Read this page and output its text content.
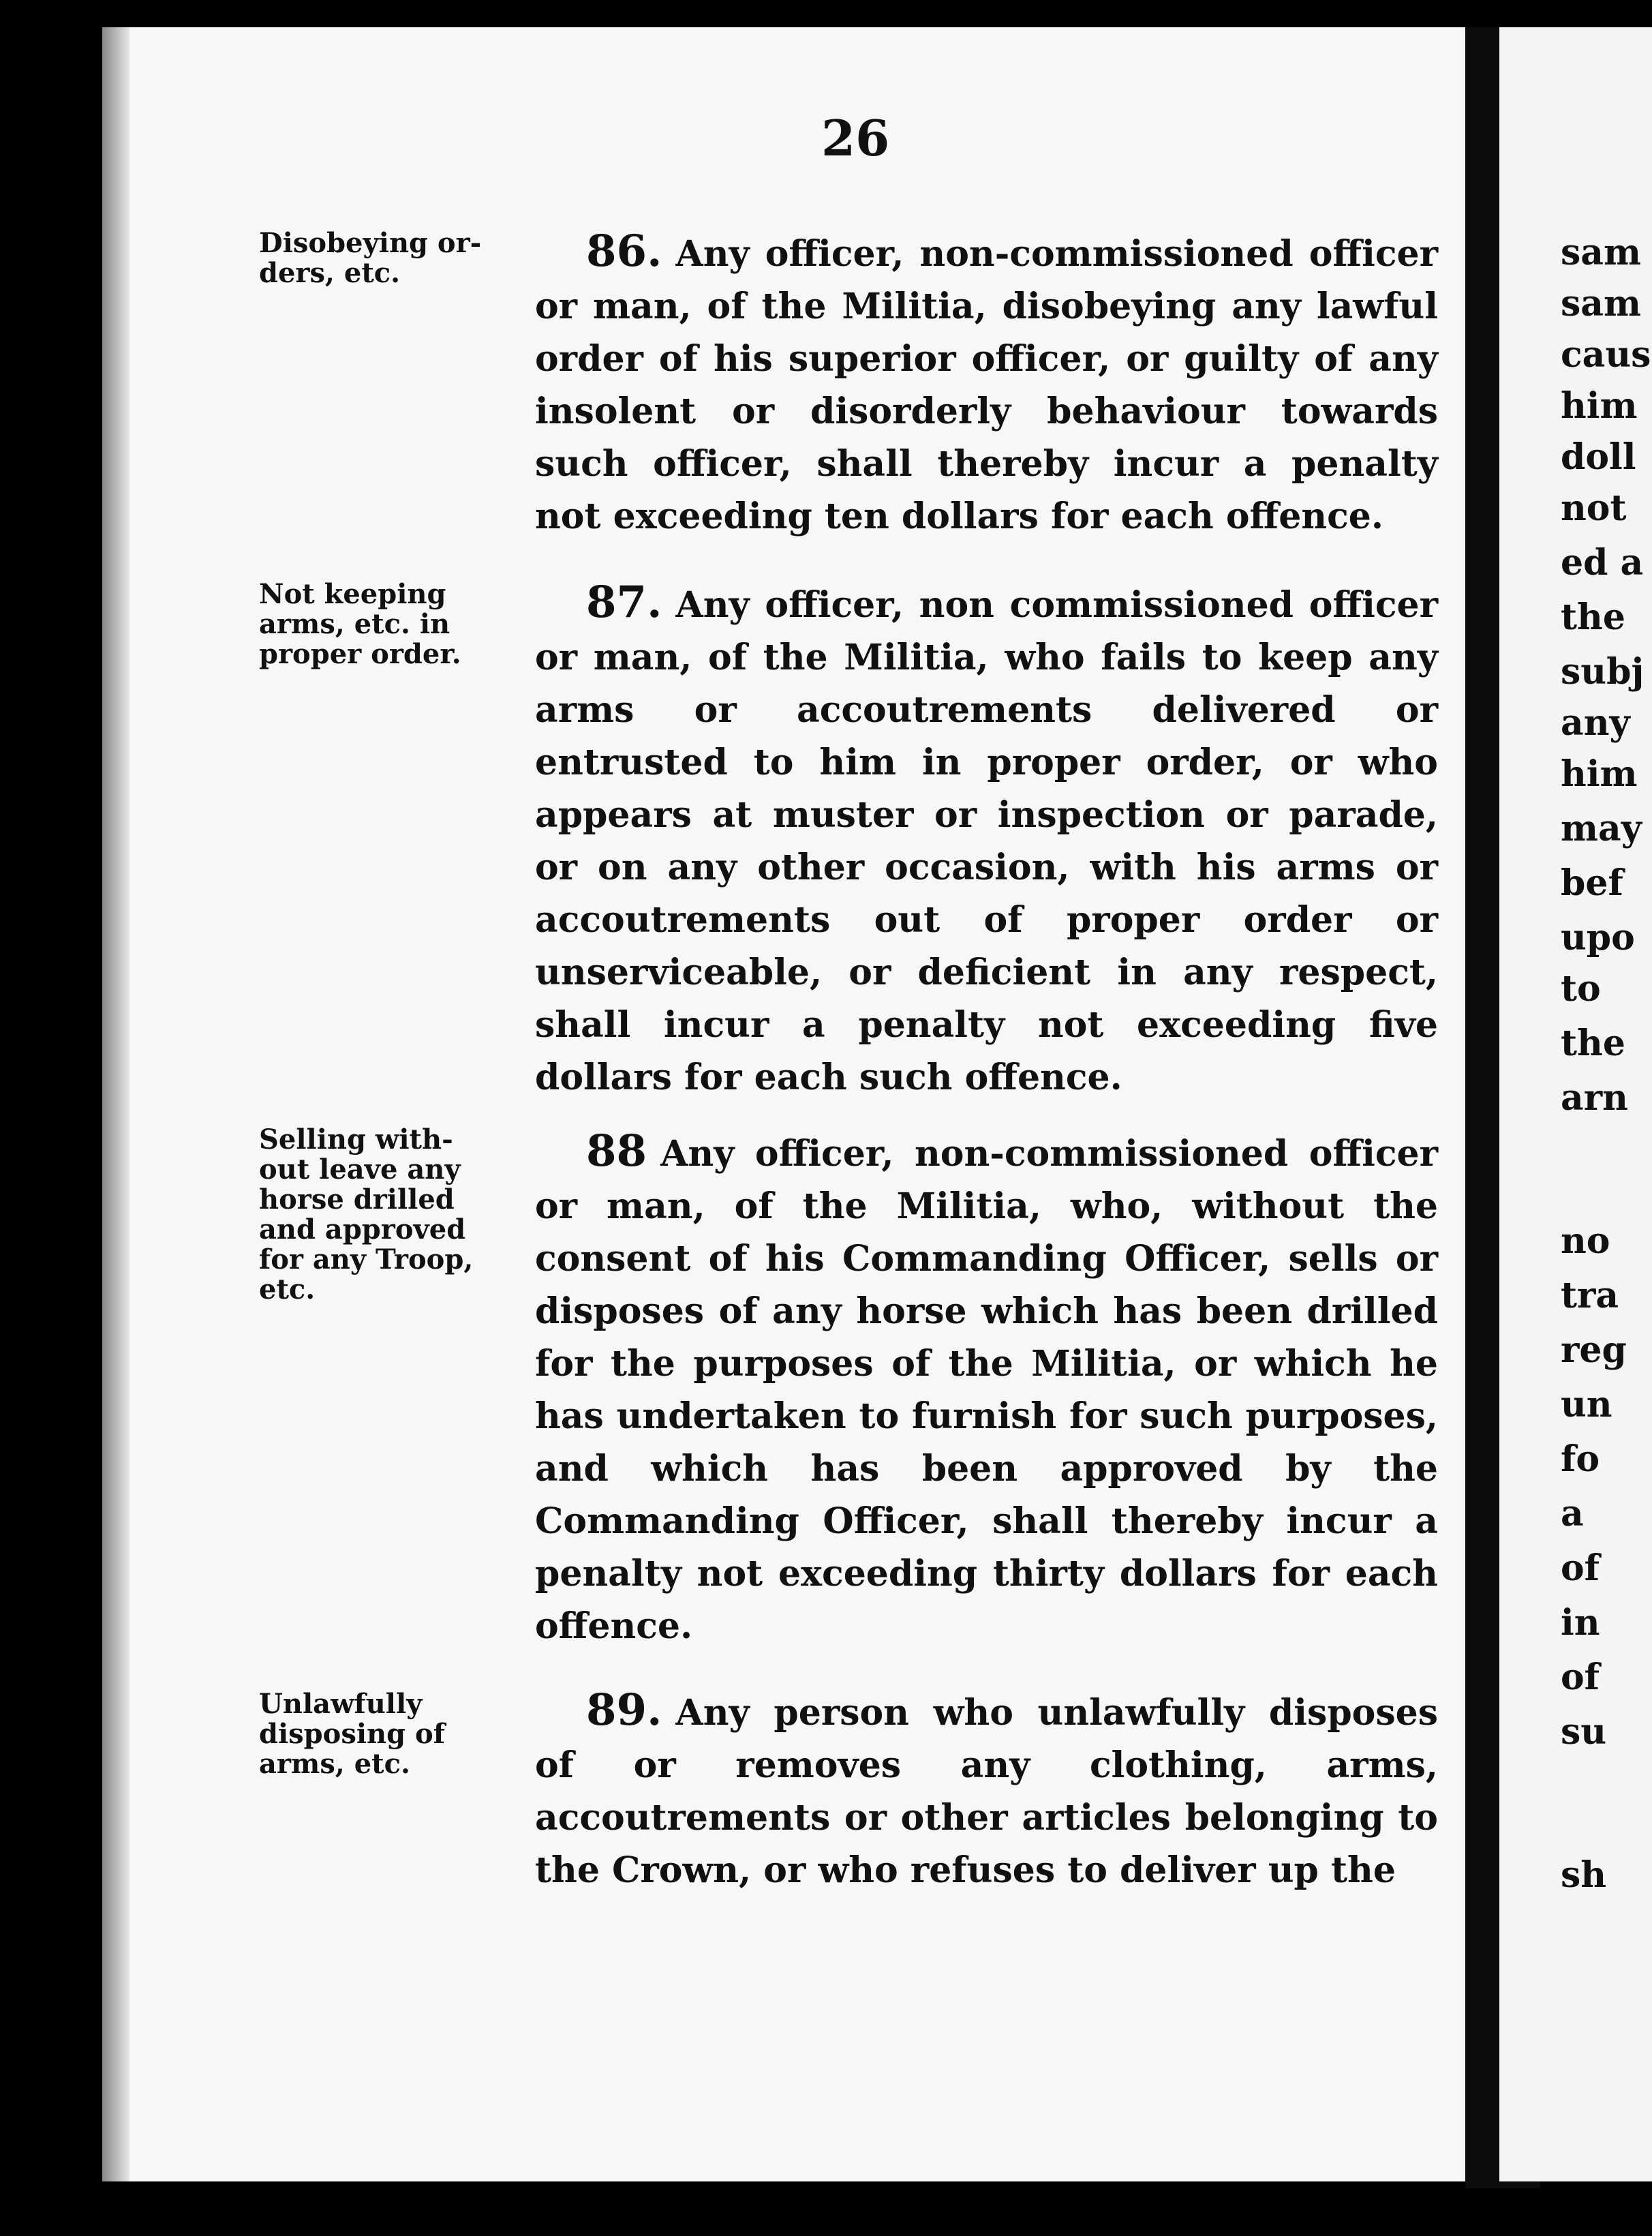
26
Disobeying or-
ders, etc.
Not keeping
arms, etc. in
proper order.
Selling with-
out leave any
horse drilled
and approved
for any Troop,
etc.
Unlawfully
disposing of
arms, etc.
86. Any officer, non-commissioned officer or man, of the Militia, disobeying any lawful order of his superior officer, or guilty of any insolent or disorderly behaviour towards such officer, shall thereby incur a penalty not exceeding ten dollars for each offence.
87. Any officer, non commissioned officer or man, of the Militia, who fails to keep any arms or accoutrements delivered or entrusted to him in proper order, or who appears at muster or inspection or parade, or on any other occasion, with his arms or accoutrements out of proper order or unserviceable, or deficient in any respect, shall incur a penalty not exceeding five dollars for each such offence.
88 Any officer, non-commissioned officer or man, of the Militia, who, without the consent of his Commanding Officer, sells or disposes of any horse which has been drilled for the purposes of the Militia, or which he has undertaken to furnish for such purposes, and which has been approved by the Commanding Officer, shall thereby incur a penalty not exceeding thirty dollars for each offence.
89. Any person who unlawfully disposes of or removes any clothing, arms, accoutrements or other articles belonging to the Crown, or who refuses to deliver up the
sam
sam
caus
him
doll
not
ed a
the
subj
any
him
may
bef
upo
to
the
arn
no
tra
reg
un
fo
a
of
in
of
su
sh
